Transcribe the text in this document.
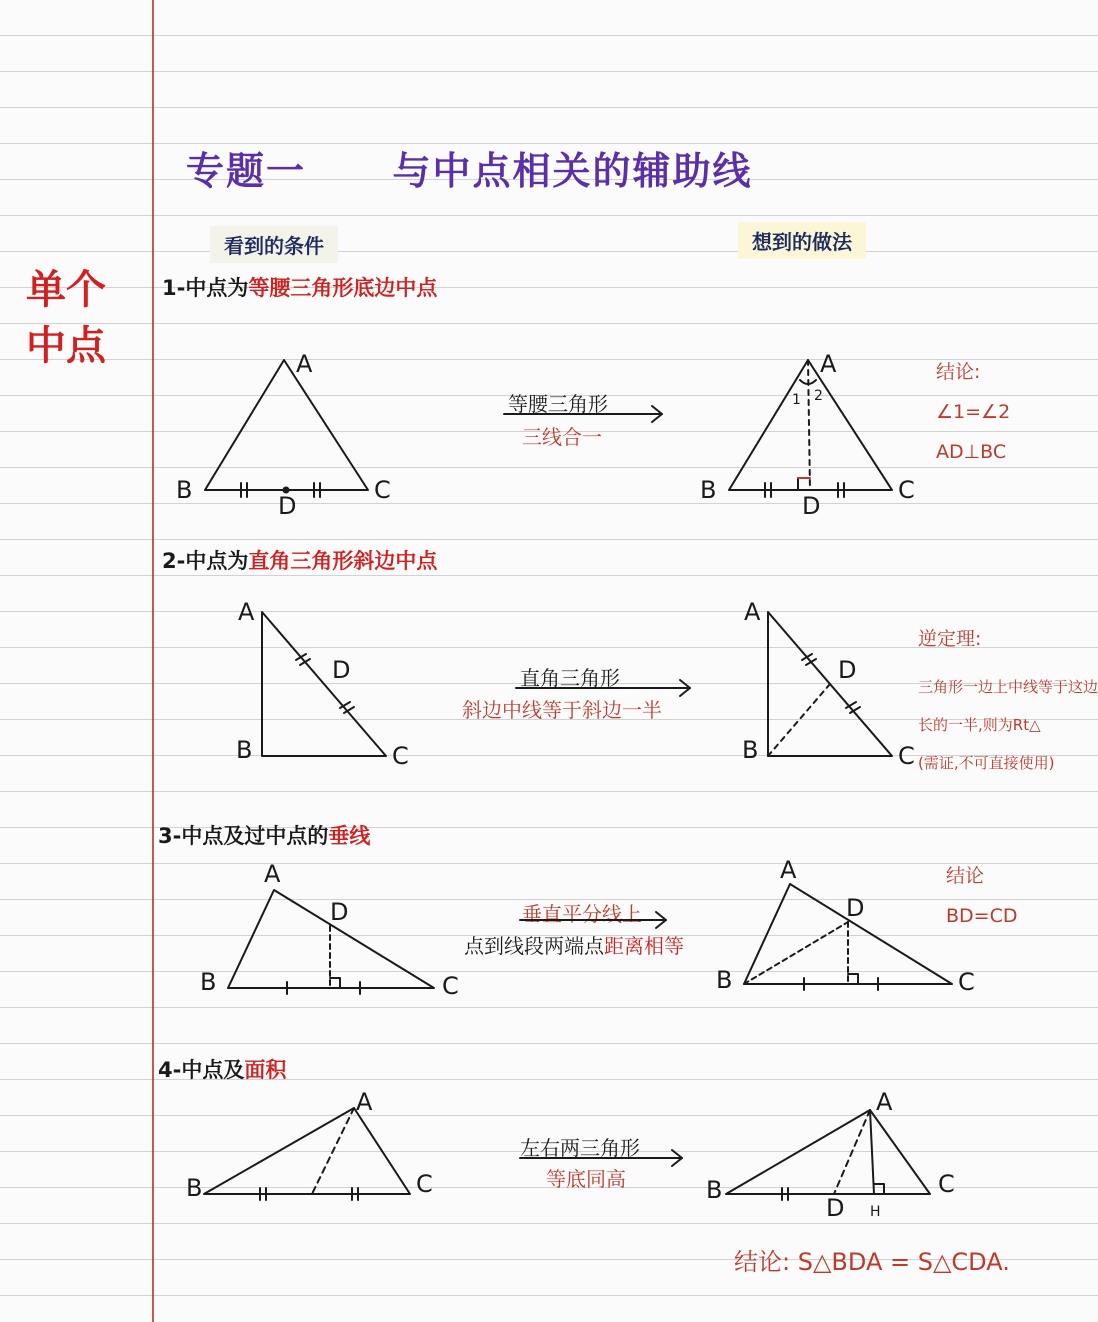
专题一 与中点相关的辅助线
看到的条件	想到的做法
单个
中点
1-中点为等腰三角形底边中点
2-中点为直角三角形斜边中点
3-中点及过中点的垂线
4-中点及面积
等腰三角形
三线合一
直角三角形
斜边中线等于斜边一半
垂直平分线上
点到线段两端点距离相等
左右两三角形
等底同高
结论:
∠1=∠2
AD⊥BC
逆定理:
三角形一边上中线等于这边
长的一半,则为Rt△
(需证,不可直接使用)
结论
BD=CD
结论: S△BDA = S△CDA.
A
B	C
D
A
B	C
D
1 2
A
B	C
D
A
B	C
D
A
B	C
D
A
B	C
D
A
B	C
A
B	C
D H
